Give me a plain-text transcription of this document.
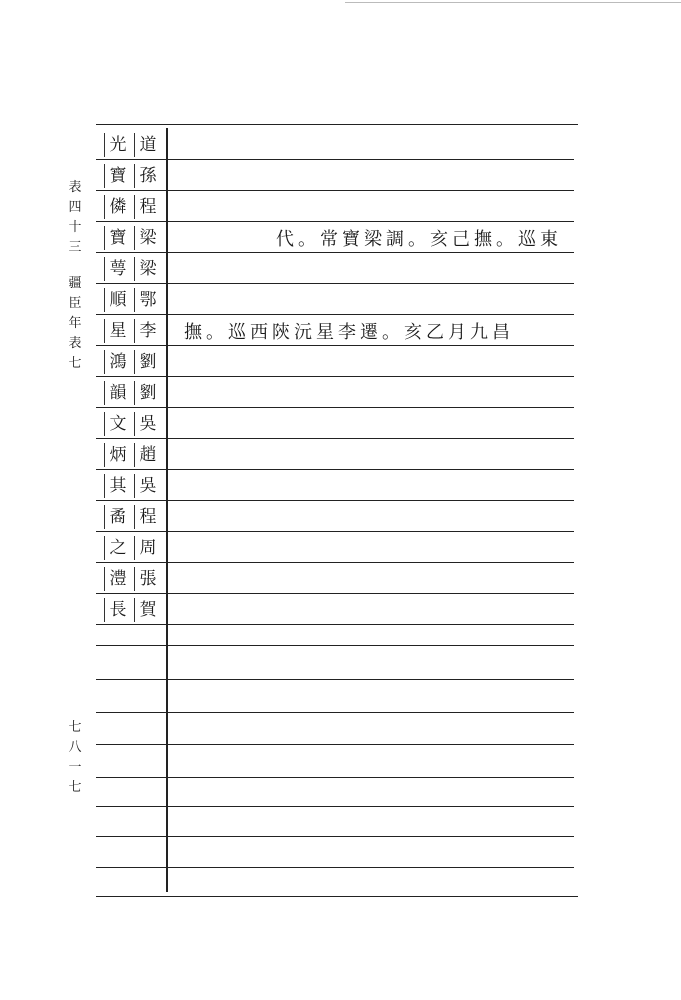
表
四
十
三
疆
臣
年
表
七
七
八
一
七
光 道
寶 孫
僯 程
寶 梁
萼 梁
順 鄂
星 李
鴻 劉
韻 劉
文 吳
炳 趙
其 吳
矞 程
之 周
澧 張
長 賀
代。常寶梁調。亥己撫。巡東
撫。巡西陝沅星李遷。亥乙月九昌
